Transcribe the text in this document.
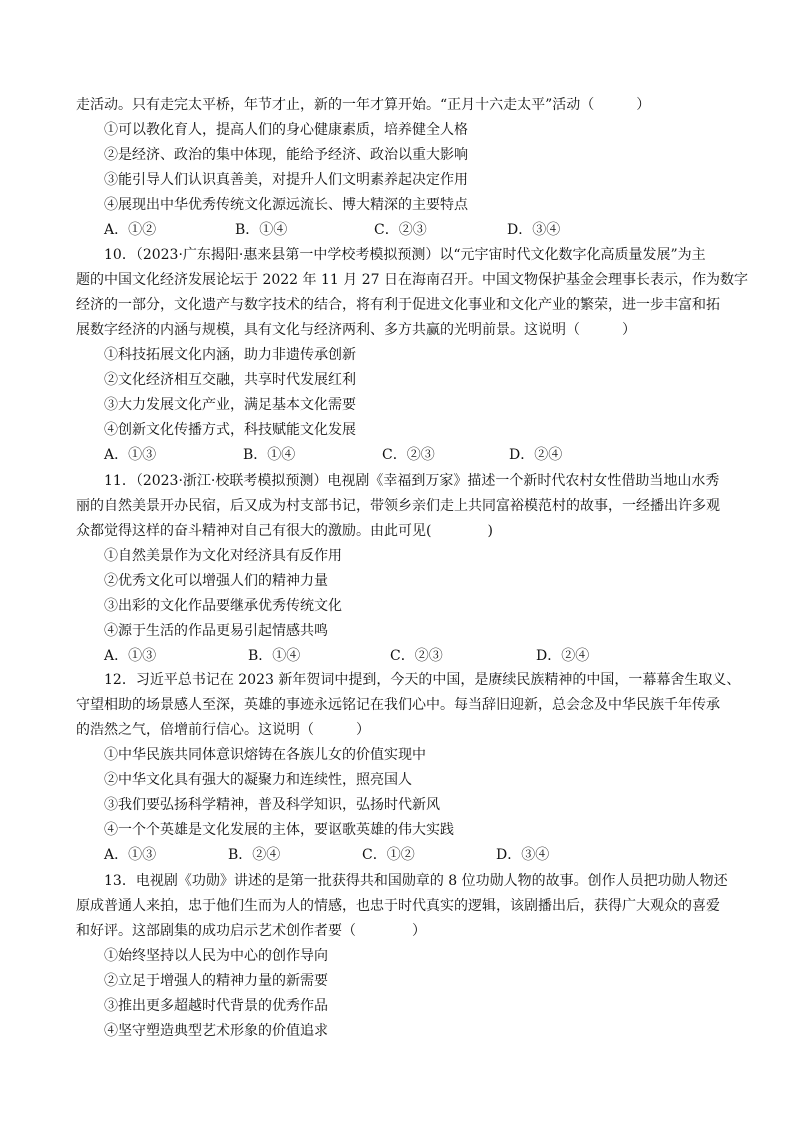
走活动。只有走完太平桥，年节才止，新的一年才算开始。“正月十六走太平”活动（　　　）
①可以教化育人，提高人们的身心健康素质，培养健全人格
②是经济、政治的集中体现，能给予经济、政治以重大影响
③能引导人们认识真善美，对提升人们文明素养起决定作用
④展现出中华优秀传统文化源远流长、博大精深的主要特点
A．①②	B．①④	C．②③	D．③④
10．（2023·广东揭阳·惠来县第一中学校考模拟预测）以“元宇宙时代文化数字化高质量发展”为主
题的中国文化经济发展论坛于 2022 年 11 月 27 日在海南召开。中国文物保护基金会理事长表示，作为数字
经济的一部分，文化遗产与数字技术的结合，将有利于促进文化事业和文化产业的繁荣，进一步丰富和拓
展数字经济的内涵与规模，具有文化与经济两利、多方共赢的光明前景。这说明（　　　）
①科技拓展文化内涵，助力非遗传承创新
②文化经济相互交融，共享时代发展红利
③大力发展文化产业，满足基本文化需要
④创新文化传播方式，科技赋能文化发展
A．①③	B．①④	C．②③	D．②④
11．（2023·浙江·校联考模拟预测）电视剧《幸福到万家》描述一个新时代农村女性借助当地山水秀
丽的自然美景开办民宿，后又成为村支部书记，带领乡亲们走上共同富裕模范村的故事，一经播出许多观
众都觉得这样的奋斗精神对自己有很大的激励。由此可见(　　　　)
①自然美景作为文化对经济具有反作用
②优秀文化可以增强人们的精神力量
③出彩的文化作品要继承优秀传统文化
④源于生活的作品更易引起情感共鸣
A．①③	B．①④	C．②③	D．②④
12．习近平总书记在 2023 新年贺词中提到，今天的中国，是赓续民族精神的中国，一幕幕舍生取义、
守望相助的场景感人至深，英雄的事迹永远铭记在我们心中。每当辞旧迎新，总会念及中华民族千年传承
的浩然之气，倍增前行信心。这说明（　　　）
①中华民族共同体意识熔铸在各族儿女的价值实现中
②中华文化具有强大的凝聚力和连续性，照亮国人
③我们要弘扬科学精神，普及科学知识，弘扬时代新风
④一个个英雄是文化发展的主体，要讴歌英雄的伟大实践
A．①③	B．②④	C．①②	D．③④
13．电视剧《功勋》讲述的是第一批获得共和国勋章的 8 位功勋人物的故事。创作人员把功勋人物还
原成普通人来拍，忠于他们生而为人的情感，也忠于时代真实的逻辑，该剧播出后，获得广大观众的喜爱
和好评。这部剧集的成功启示艺术创作者要（　　　　）
①始终坚持以人民为中心的创作导向
②立足于增强人的精神力量的新需要
③推出更多超越时代背景的优秀作品
④坚守塑造典型艺术形象的价值追求
